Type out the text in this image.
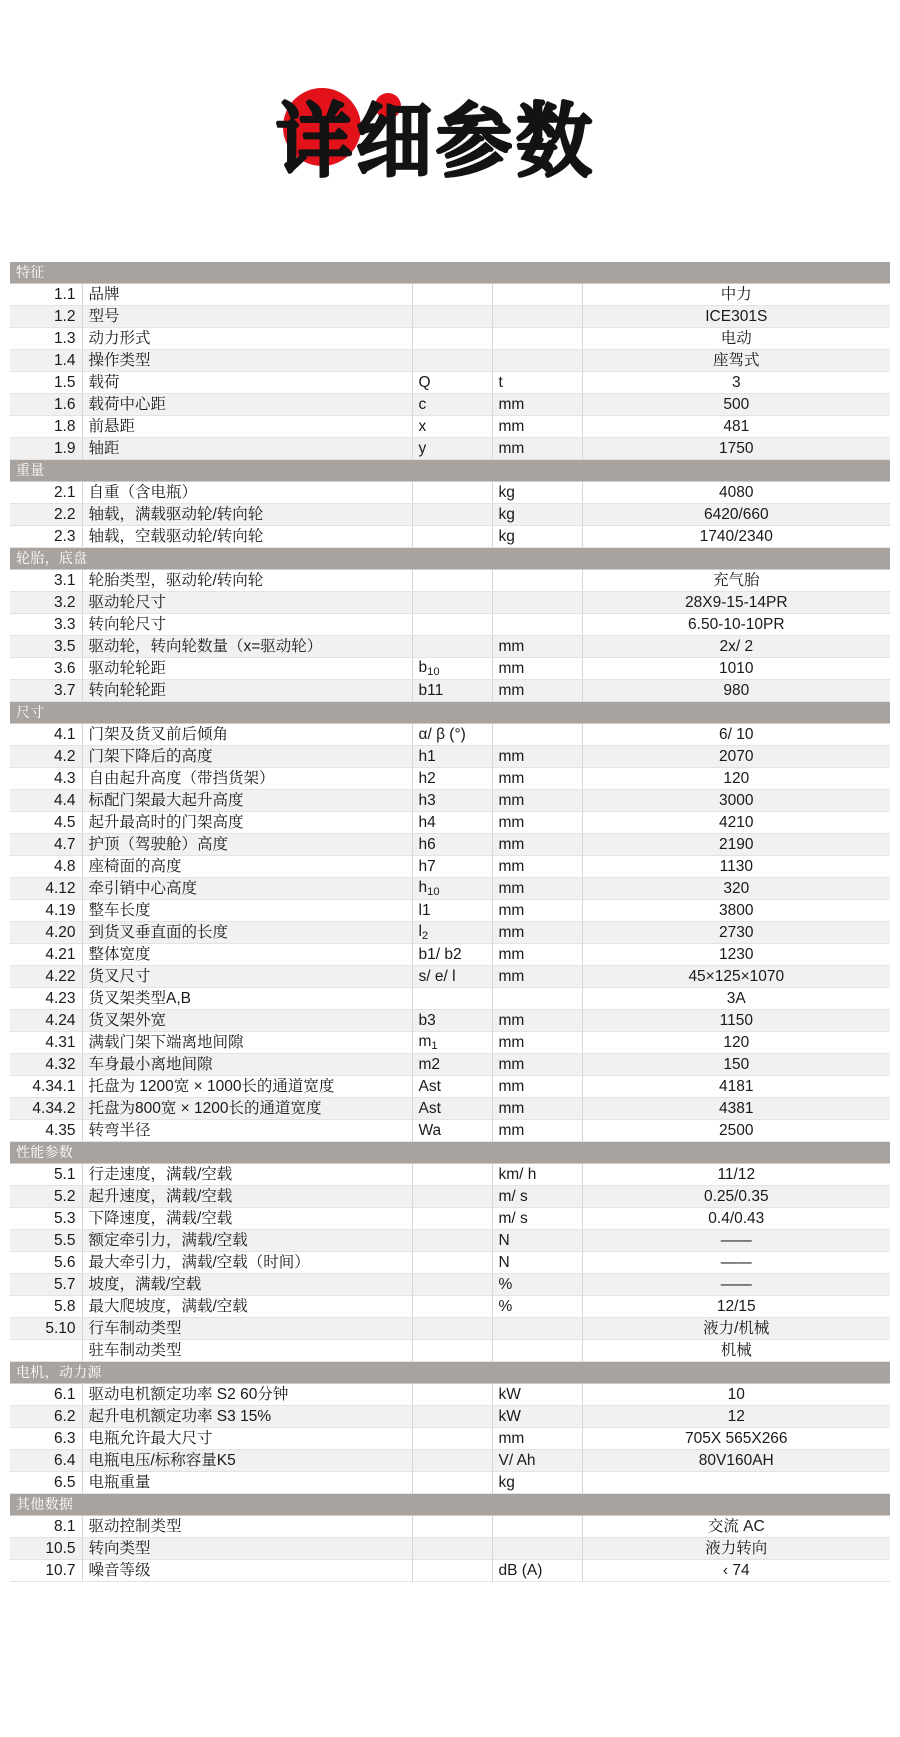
详细参数
特征				
1.1	品牌			中力
1.2	型号			ICE301S
1.3	动力形式			电动
1.4	操作类型			座驾式
1.5	载荷	Q	t	3
1.6	载荷中心距	c	mm	500
1.8	前悬距	x	mm	481
1.9	轴距	y	mm	1750
重量				
2.1	自重（含电瓶）		kg	4080
2.2	轴载，满载驱动轮/转向轮		kg	6420/660
2.3	轴载，空载驱动轮/转向轮		kg	1740/2340
轮胎，底盘				
3.1	轮胎类型，驱动轮/转向轮			充气胎
3.2	驱动轮尺寸			28X9-15-14PR
3.3	转向轮尺寸			6.50-10-10PR
3.5	驱动轮，转向轮数量（x=驱动轮）		mm	2x/ 2
3.6	驱动轮轮距	$b_{10}$	mm	1010
3.7	转向轮轮距	b11	mm	980
尺寸				
4.1	门架及货叉前后倾角	α/ β (°)		6/ 10
4.2	门架下降后的高度	h1	mm	2070
4.3	自由起升高度（带挡货架）	h2	mm	120
4.4	标配门架最大起升高度	h3	mm	3000
4.5	起升最高时的门架高度	h4	mm	4210
4.7	护顶（驾驶舱）高度	h6	mm	2190
4.8	座椅面的高度	h7	mm	1130
4.12	牵引销中心高度	$h_{10}$	mm	320
4.19	整车长度	l1	mm	3800
4.20	到货叉垂直面的长度	$l_2$	mm	2730
4.21	整体宽度	b1/ b2	mm	1230
4.22	货叉尺寸	s/ e/ l	mm	45×125×1070
4.23	货叉架类型A,B			3A
4.24	货叉架外宽	b3	mm	1150
4.31	满载门架下端离地间隙	$m_1$	mm	120
4.32	车身最小离地间隙	m2	mm	150
4.34.1	托盘为 1200宽 × 1000长的通道宽度	Ast	mm	4181
4.34.2	托盘为800宽 × 1200长的通道宽度	Ast	mm	4381
4.35	转弯半径	Wa	mm	2500
性能参数				
5.1	行走速度，满载/空载		km/ h	11/12
5.2	起升速度，满载/空载		m/ s	0.25/0.35
5.3	下降速度，满载/空载		m/ s	0.4/0.43
5.5	额定牵引力，满载/空载		N	——
5.6	最大牵引力，满载/空载（时间）		N	——
5.7	坡度，满载/空载		%	——
5.8	最大爬坡度，满载/空载		%	12/15
5.10	行车制动类型			液力/机械
	驻车制动类型			机械
电机，动力源				
6.1	驱动电机额定功率 S2 60分钟		kW	10
6.2	起升电机额定功率 S3 15%		kW	12
6.3	电瓶允许最大尺寸		mm	705X 565X266
6.4	电瓶电压/标称容量K5		V/ Ah	80V160AH
6.5	电瓶重量		kg	
其他数据				
8.1	驱动控制类型			交流 AC
10.5	转向类型			液力转向
10.7	噪音等级		dB (A)	‹ 74
